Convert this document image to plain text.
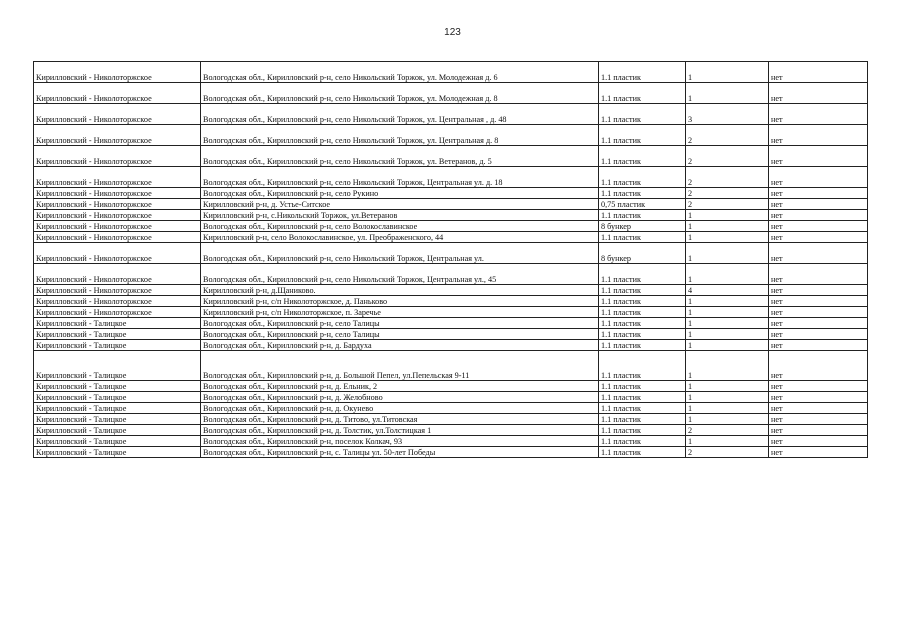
123
Кирилловский - Николоторжское	Вологодская обл., Кирилловский р-н, село Никольский Торжок, ул. Молодежная д. 6	1.1 пластик	1	нет
Кирилловский - Николоторжское	Вологодская обл., Кирилловский р-н, село Никольский Торжок, ул. Молодежная д. 8	1.1 пластик	1	нет
Кирилловский - Николоторжское	Вологодская обл., Кирилловский р-н, село Никольский Торжок, ул. Центральная , д. 48	1.1 пластик	3	нет
Кирилловский - Николоторжское	Вологодская обл., Кирилловский р-н, село Никольский Торжок, ул. Центральная д. 8	1.1 пластик	2	нет
Кирилловский - Николоторжское	Вологодская обл., Кирилловский р-н, село Никольский Торжок, ул. Ветеранов, д. 5	1.1 пластик	2	нет
Кирилловский - Николоторжское	Вологодская обл., Кирилловский р-н, село Никольский Торжок, Центральная ул. д. 18	1.1 пластик	2	нет
Кирилловский - Николоторжское	Вологодская обл., Кирилловский р-н, село Рукино	1.1 пластик	2	нет
Кирилловский - Николоторжское	Кирилловский р-н, д. Устье-Ситское	0,75 пластик	2	нет
Кирилловский - Николоторжское	Кирилловский р-н, с.Никольский Торжок, ул.Ветеранов	1.1 пластик	1	нет
Кирилловский - Николоторжское	Вологодская обл., Кирилловский р-н, село Волокославинское	8 бункер	1	нет
Кирилловский - Николоторжское	Кирилловский р-н, село Волокославинское, ул. Преображенского, 44	1.1 пластик	1	нет
Кирилловский - Николоторжское	Вологодская обл., Кирилловский р-н, село Никольский Торжок, Центральная ул.	8 бункер	1	нет
Кирилловский - Николоторжское	Вологодская обл., Кирилловский р-н, село Никольский Торжок, Центральная ул., 45	1.1 пластик	1	нет
Кирилловский - Николоторжское	Кирилловский р-н, д.Щаниково.	1.1 пластик	4	нет
Кирилловский - Николоторжское	Кирилловский р-н, с/п Николоторжское, д. Паньково	1.1 пластик	1	нет
Кирилловский - Николоторжское	Кирилловский р-н, с/п Николоторжское, п. Заречье	1.1 пластик	1	нет
Кирилловский - Талицкое	Вологодская обл., Кирилловский р-н, село Талицы	1.1 пластик	1	нет
Кирилловский - Талицкое	Вологодская обл., Кирилловский р-н, село Талицы	1.1 пластик	1	нет
Кирилловский - Талицкое	Вологодская обл., Кирилловский р-н, д. Бардуха	1.1 пластик	1	нет
Кирилловский - Талицкое	Вологодская обл., Кирилловский р-н, д. Большой Пепел, ул.Пепельская 9-11	1.1 пластик	1	нет
Кирилловский - Талицкое	Вологодская обл., Кирилловский р-н, д. Ельник, 2	1.1 пластик	1	нет
Кирилловский - Талицкое	Вологодская обл., Кирилловский р-н, д. Желобново	1.1 пластик	1	нет
Кирилловский - Талицкое	Вологодская обл., Кирилловский р-н, д. Окунево	1.1 пластик	1	нет
Кирилловский - Талицкое	Вологодская обл., Кирилловский р-н, д. Титово, ул.Титовская	1.1 пластик	1	нет
Кирилловский - Талицкое	Вологодская обл., Кирилловский р-н, д. Толстик, ул.Толстицкая 1	1.1 пластик	2	нет
Кирилловский - Талицкое	Вологодская обл., Кирилловский р-н, поселок Колкач, 93	1.1 пластик	1	нет
Кирилловский - Талицкое	Вологодская обл., Кирилловский р-н, с. Талицы ул. 50-лет Победы	1.1 пластик	2	нет
